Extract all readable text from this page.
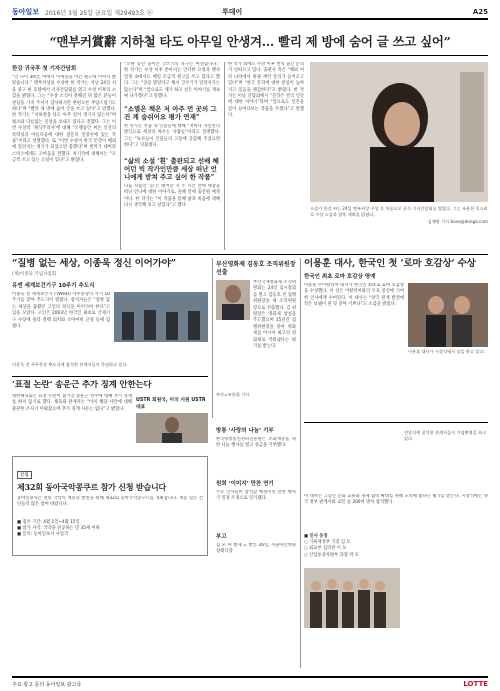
동아일보 2016년 3월 25일 금요일 제29493호 ㉣	투데이	A25
“맨부커賞辭 지하철 타도 아무일 안생겨… 빨리 제 방에 숨어 글 쓰고 싶어”
한강 귀국후 첫 기자간담회
“일 나이 30만, 마에서 이세돌을 이긴 필드에 이어서 밝았습니다.” 맨부커상을 수상한 한 작가는 지난 24일 서울 중구 한 호텔에서 기자간담회를 열고 수상 이후의 소감을 밝혔다. 그는 “수상 소식이 전해진 뒤 많은 분들이 관심을 가져 주셔서 감사하지만 한편으론 부담스럽기도 하다”며 “빨리 제 방에 숨어 글을 쓰고 싶다”고 말했다. 한 작가는 “지하철을 타도 아무 일이 생기지 않는다”며 평소와 다름없는 일상을 보내고 있다고 전했다. 그는 이번 수상작 ‘채식주의자’에 대해 “오랫동안 써온 인간의 폭력성과 아름다움에 대한 질문의 연장선에 있는 작품”이라고 설명했다. 또 “이번 수상이 한국 문학이 해외에 알려지는 계기가 되었으면 좋겠다”며 번역가 데버라 스미스에게도 고마움을 전했다. 차기작에 대해서는 “조금씩 쓰고 있는 소설이 있다”고 밝혔다.
“오랜 동안 품어온 글쓰기의 욕구는 여전합니다.” 한 작가는 수상 이후 쏟아지는 인터뷰 요청과 행사 일정 속에서도 매일 조금씩 원고를 쓰고 있다고 했다. 그는 “상을 받았다고 해서 글쓰기가 달라지지는 않는다”며 “앞으로도 제가 하고 싶은 이야기를 계속 써 나가겠다”고 말했다.
“소멸은 책은 저 아주 먼 곳의 그건 계 숨쉬어요 평가 연재”
한 작가는 작품 속 인물들에 대해 “저마다 자신만의 방식으로 세상과 싸우는 사람들”이라고 설명했다. 그는 “독자들이 인물들의 고통에 공감해 주셨으면 한다”고 덧붙였다.
“삶의 소설 ‘흰’ 출판되고 선배 혜어던 빅 작가인만큼 세상 떠난 언니에게 받쳐 주고 싶어 한 작품”
다음 작품인 ‘흰’은 태어난 지 두 시간 만에 세상을 떠난 언니에 대한 이야기로, 올해 안에 출간될 예정이다. 한 작가는 “이 작품을 통해 삶과 죽음에 대해 다시 생각해 보고 싶었다”고 했다.
한 작가 외에도 수상 이후 번역 출간 문의가 잇따르고 있다. 출판사 측은 “해외 여러 나라에서 판권 계약 문의가 들어오고 있다”며 “한국 문학에 대한 관심이 높아지고 있음을 체감한다”고 밝혔다. 한 작가는 이날 간담회에서 “문학은 결국 인간에 대한 이야기”라며 “앞으로도 인간을 깊이 들여다보는 작품을 쓰겠다”고 말했다.
소설가 한강 씨는 24일 맨부커상 수상 후 처음으로 공식 기자간담회를 열었다. 그는 조용한 목소리로 수상 소감과 향후 계획을 밝혔다.
김재명 기자 base@donga.com
“질병 없는 세상, 이종욱 정신 이어가야”
(재)이종욱 기념사업회
유엔 세계보건기구 10주기 추도식
이종욱 전 세계보건기구(WHO) 사무총장의 서거 10주기를 맞아 추도식이 열렸다. 참석자들은 “질병 없는 세상을 꿈꿨던 고인의 정신을 이어가야 한다”고 입을 모았다. 고인은 2003년 한국인 최초로 국제기구 수장에 올라 결핵 퇴치와 소아마비 근절 등에 힘썼다.
이종욱 전 사무총장 추도식에 참석한 관계자들이 묵념하고 있다.
부산영화제 김동호 조직위원장 선출
부산국제영화제 조직위원회는 24일 임시총회를 열고 김동호 전 집행위원장을 새 조직위원장으로 선출했다. 김 위원장은 영화제 창설을 주도했으며 15년간 집행위원장을 맡아 영화제를 아시아 최고의 영화제로 키워냈다는 평가를 받는다.
부산=조용휘 기자
‘표절 논란’ 송운근 추가 징계 안한는다
대한체육회는 표절 논란이 불거진 송운근 선수에 대해 추가 징계를 하지 않기로 했다. 체육회 관계자는 “이미 해당 사안에 대해 충분한 조사가 이뤄졌으며 추가 징계 사유는 없다”고 밝혔다.
USTR 회원국, 미국 지원 USTR 대표
알림
제32회 동아국악콩쿠르 참가 신청 받습니다
동아일보사는 전통 국악의 계승과 발전을 위해 제32회 동아국악콩쿠르를 개최합니다. 재능 있는 신인들의 많은 참여 바랍니다.
■ 접수 기간: 4월 1일~4월 15일
■ 참가 자격: 국악을 전공하는 만 35세 이하
■ 문의: 동아일보사 사업국
방통 ‘사랑의 나눔’ 기부
한국방송통신전파진흥원은 소외계층을 위한 나눔 행사를 열고 성금을 기부했다.
원희 ‘이미지’ 만찬 연기
주요 인사들이 참석할 예정이던 만찬 행사가 일정 조정으로 연기됐다.
부고
김 모 씨 별세 = 발인 26일, 서울아산병원 장례식장
이용훈 대사, 한국인 첫 ‘로마 호감상’ 수상
한국인 최초 로마 호감상 영예
이용훈 주이탈리아 대사가 한국인 최초로 로마 호감상을 수상했다. 이 상은 이탈리아와의 우호 증진에 기여한 인사에게 수여된다. 이 대사는 “양국 관계 발전에 작은 보탬이 된 것 같아 기쁘다”고 소감을 밝혔다.
이용훈 대사가 시상식에서 상을 받고 있다.
전달식에 참석한 관계자들이 기념촬영을 하고 있다.
이 대사는 그동안 문화 교류와 경제 협력 확대를 위해 노력해 왔다는 평가를 받는다. 시상식에는 양국 정부 관계자와 교민 등 200여 명이 참석했다.
■ 인사 동정
○ 기획재정부 국장 김 모
○ 외교부 심의관 이 모
○ 산업통상자원부 과장 박 모
주요 광고 문의 동아일보 광고국	LOTTE
